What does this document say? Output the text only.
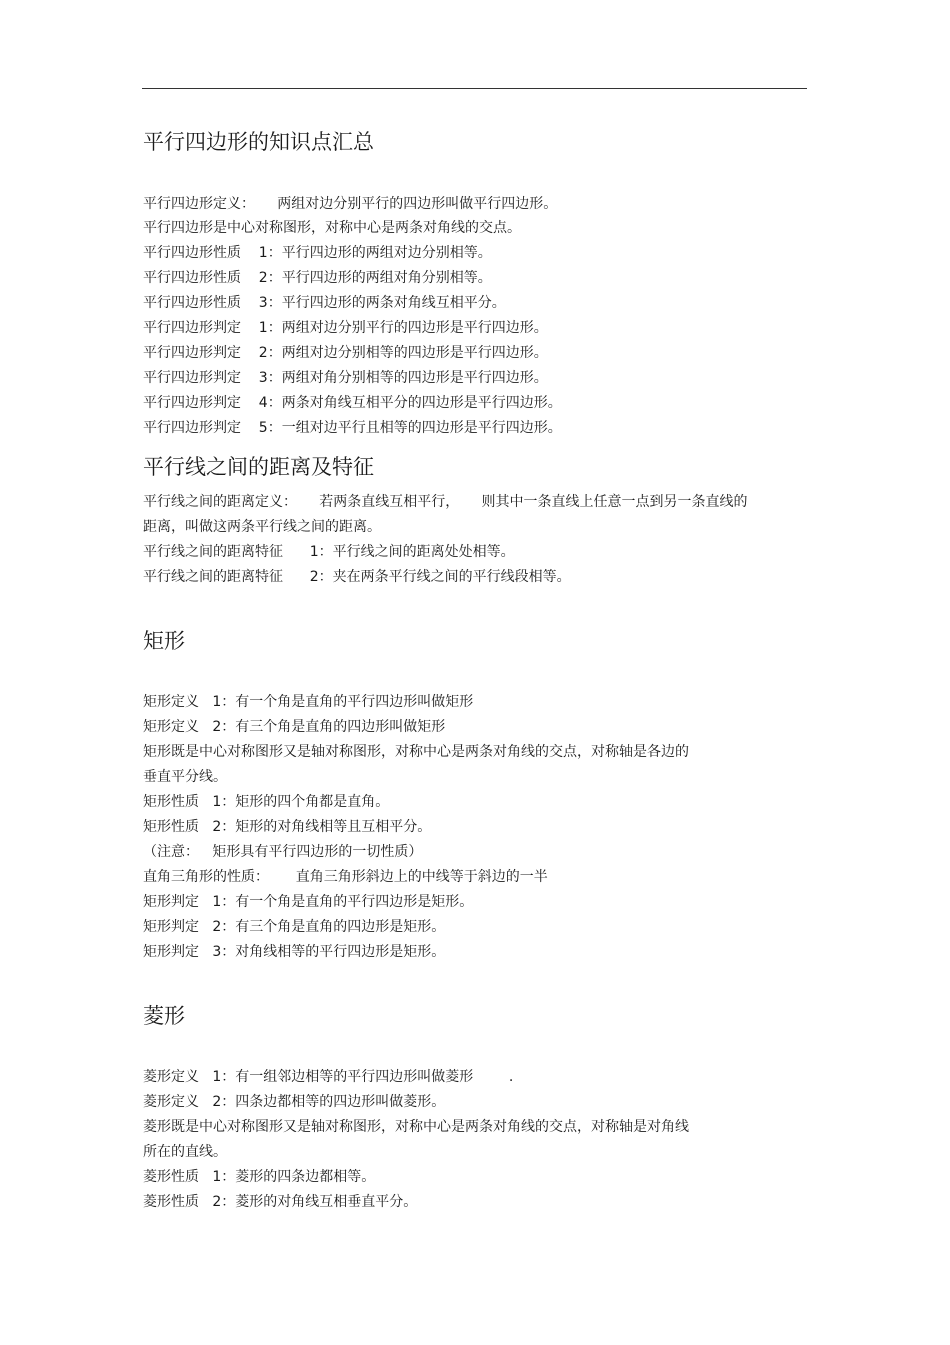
平行四边形的知识点汇总

平行四边形定义：     两组对边分别平行的四边形叫做平行四边形。

平行四边形是中心对称图形，对称中心是两条对角线的交点。

平行四边形性质    1：平行四边形的两组对边分别相等。

平行四边形性质    2：平行四边形的两组对角分别相等。

平行四边形性质    3：平行四边形的两条对角线互相平分。

平行四边形判定    1：两组对边分别平行的四边形是平行四边形。

平行四边形判定    2：两组对边分别相等的四边形是平行四边形。

平行四边形判定    3：两组对角分别相等的四边形是平行四边形。

平行四边形判定    4：两条对角线互相平分的四边形是平行四边形。

平行四边形判定    5：一组对边平行且相等的四边形是平行四边形。

平行线之间的距离及特征

平行线之间的距离定义：     若两条直线互相平行，     则其中一条直线上任意一点到另一条直线的

距离，叫做这两条平行线之间的距离。

平行线之间的距离特征      1：平行线之间的距离处处相等。

平行线之间的距离特征      2：夹在两条平行线之间的平行线段相等。

矩形

矩形定义   1：有一个角是直角的平行四边形叫做矩形

矩形定义   2：有三个角是直角的四边形叫做矩形

矩形既是中心对称图形又是轴对称图形，对称中心是两条对角线的交点，对称轴是各边的

垂直平分线。

矩形性质   1：矩形的四个角都是直角。

矩形性质   2：矩形的对角线相等且互相平分。

（注意：   矩形具有平行四边形的一切性质）

直角三角形的性质：      直角三角形斜边上的中线等于斜边的一半

矩形判定   1：有一个角是直角的平行四边形是矩形。

矩形判定   2：有三个角是直角的四边形是矩形。

矩形判定   3：对角线相等的平行四边形是矩形。

菱形

菱形定义   1：有一组邻边相等的平行四边形叫做菱形        .

菱形定义   2：四条边都相等的四边形叫做菱形。

菱形既是中心对称图形又是轴对称图形，对称中心是两条对角线的交点，对称轴是对角线

所在的直线。

菱形性质   1：菱形的四条边都相等。

菱形性质   2：菱形的对角线互相垂直平分。
